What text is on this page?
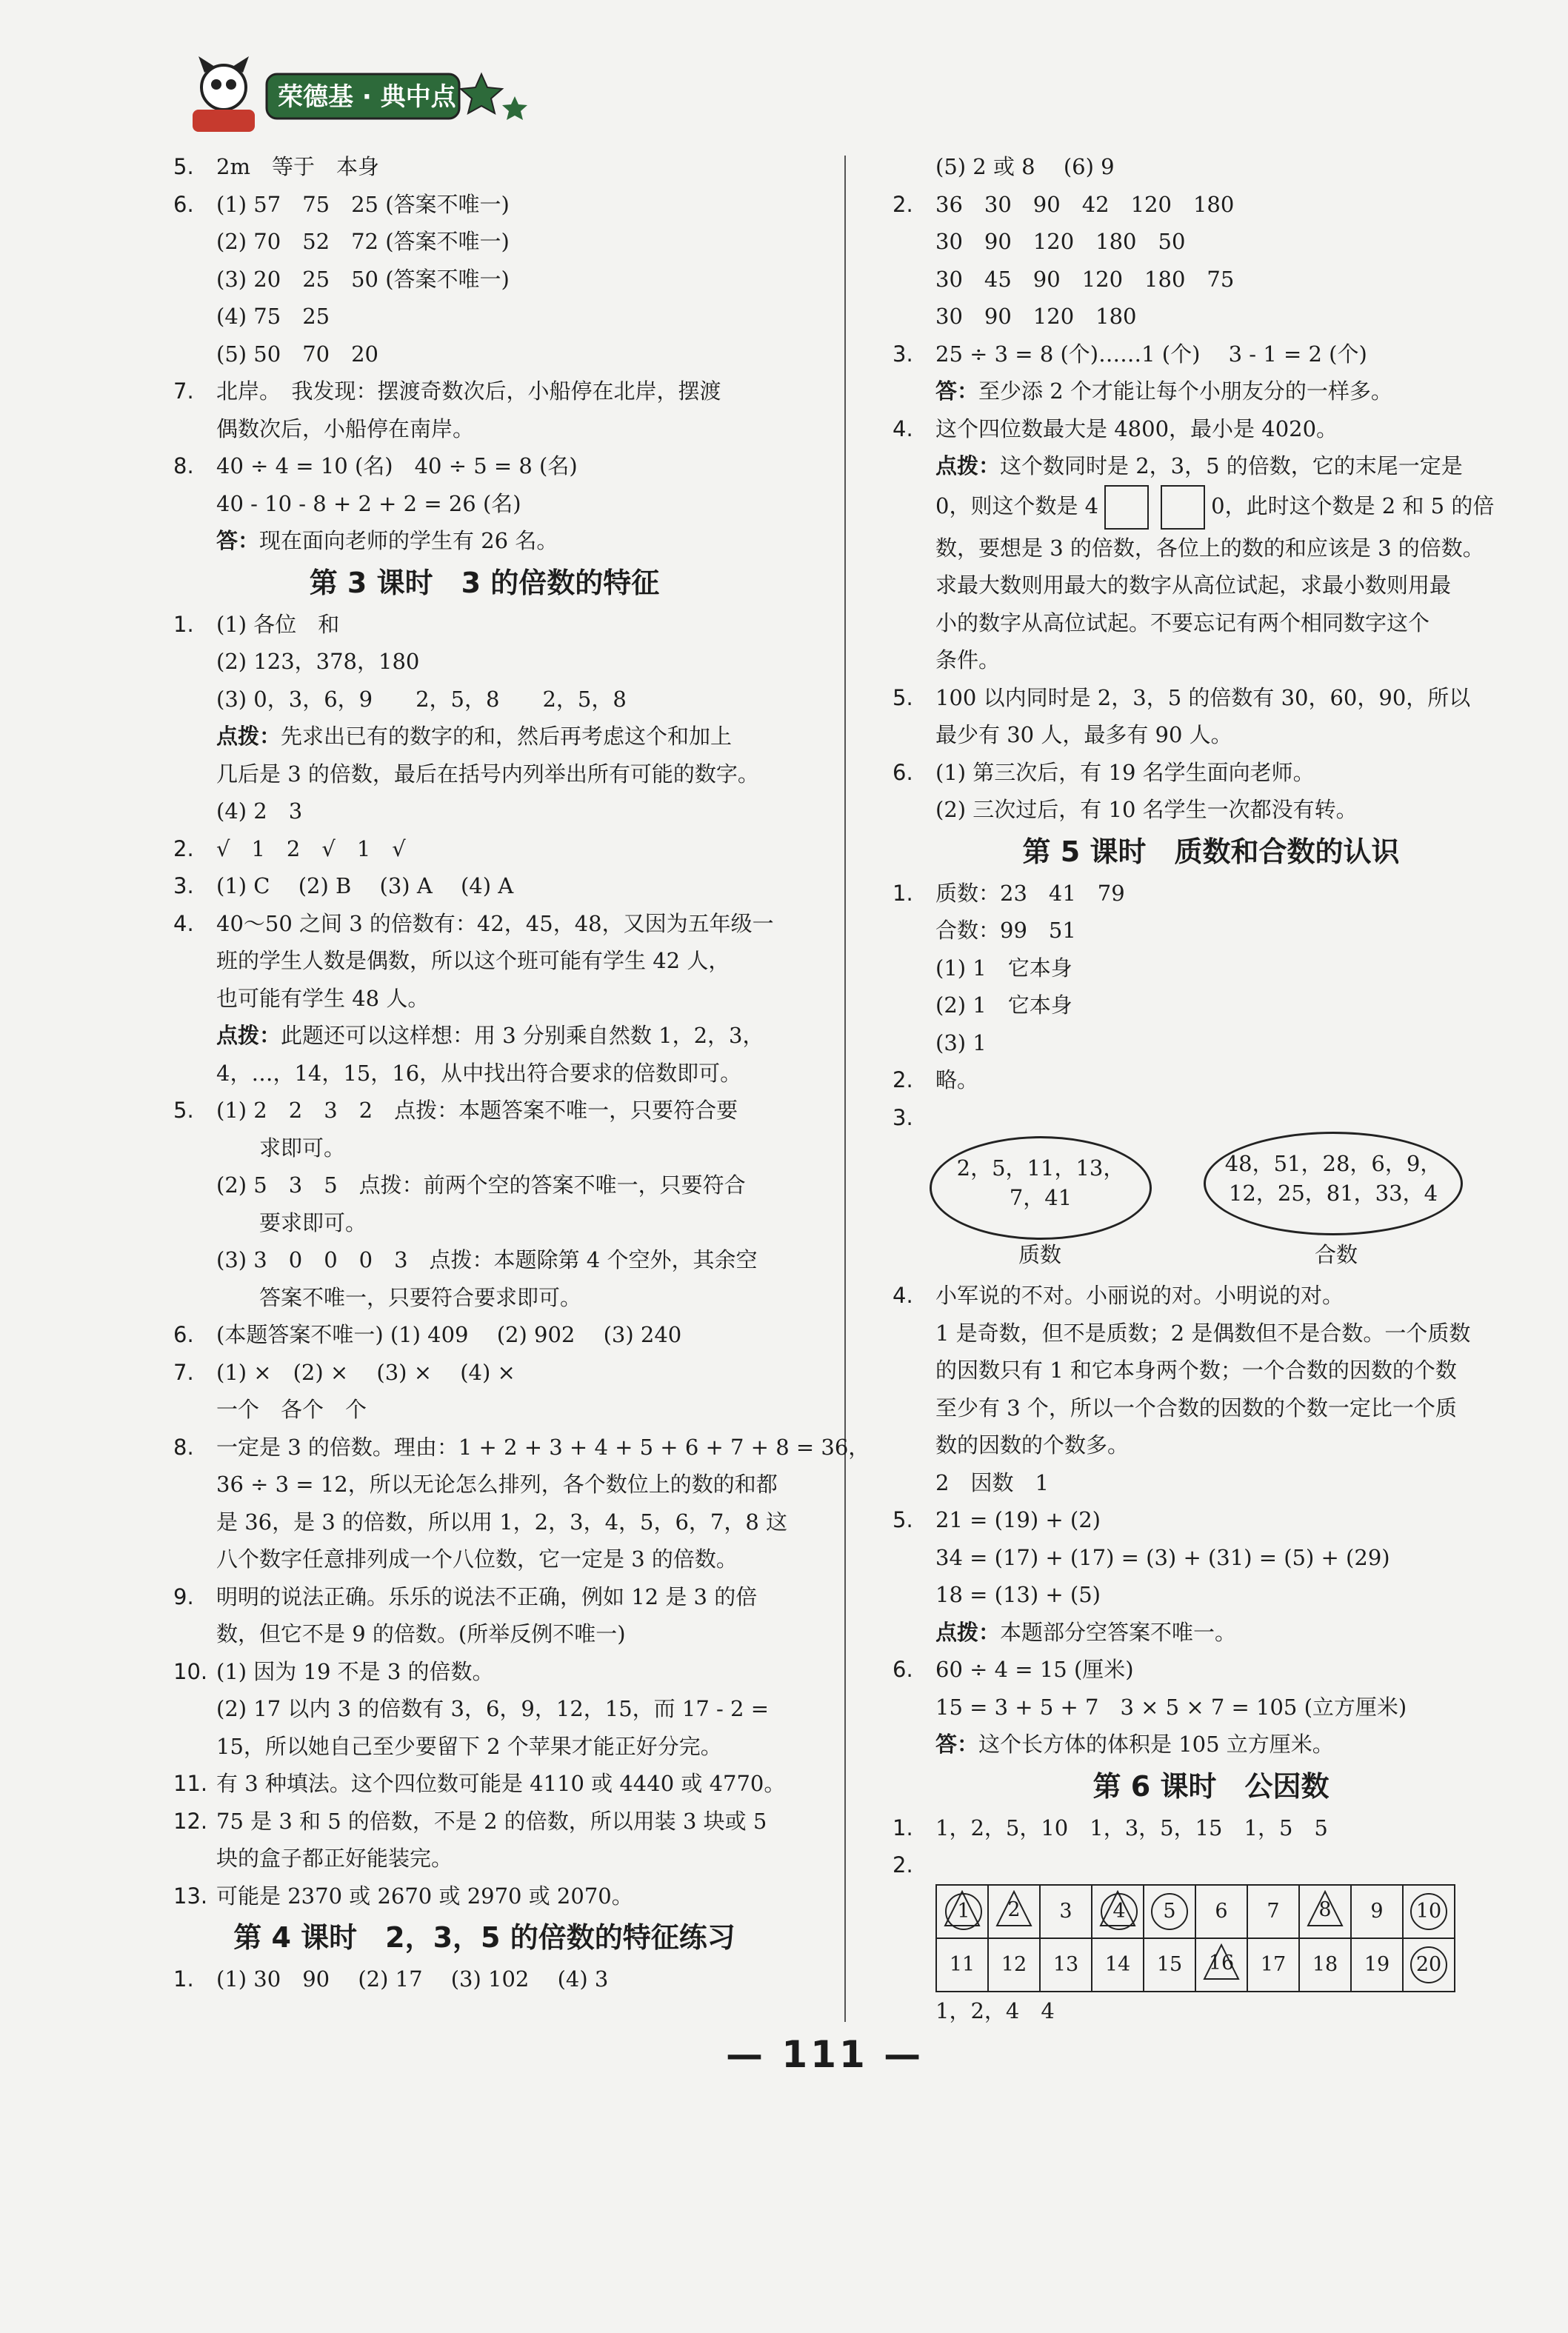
荣德基 · 典中点
5. 2m　等于　本身
6. (1) 57　75　25 (答案不唯一)
(2) 70　52　72 (答案不唯一)
(3) 20　25　50 (答案不唯一)
(4) 75　25
(5) 50　70　20
7. 北岸。　我发现：摆渡奇数次后，小船停在北岸，摆渡
偶数次后，小船停在南岸。
8. 40 ÷ 4 = 10 (名)　40 ÷ 5 = 8 (名)
40 - 10 - 8 + 2 + 2 = 26 (名)
答：现在面向老师的学生有 26 名。
第 3 课时　3 的倍数的特征
1. (1) 各位　和
(2) 123，378，180
(3) 0，3，6，9　　2，5，8　　2，5，8
点拨：先求出已有的数字的和，然后再考虑这个和加上
几后是 3 的倍数，最后在括号内列举出所有可能的数字。
(4) 2　3
2. √　1　2　√　1　√
3. (1) C　 (2) B　 (3) A　 (4) A
4. 40～50 之间 3 的倍数有：42，45，48，又因为五年级一
班的学生人数是偶数，所以这个班可能有学生 42 人，
也可能有学生 48 人。
点拨：此题还可以这样想：用 3 分别乘自然数 1，2，3，
4，…，14，15，16，从中找出符合要求的倍数即可。
5. (1) 2　2　3　2　点拨：本题答案不唯一，只要符合要
　　求即可。
(2) 5　3　5　点拨：前两个空的答案不唯一，只要符合
　　要求即可。
(3) 3　0　0　0　3　点拨：本题除第 4 个空外，其余空
　　答案不唯一，只要符合要求即可。
6. (本题答案不唯一) (1) 409　 (2) 902　 (3) 240
7. (1) ×　(2) ×　 (3) ×　 (4) ×
一个　各个　个
8. 一定是 3 的倍数。理由：1 + 2 + 3 + 4 + 5 + 6 + 7 + 8 = 36，
36 ÷ 3 = 12，所以无论怎么排列，各个数位上的数的和都
是 36，是 3 的倍数，所以用 1，2，3，4，5，6，7，8 这
八个数字任意排列成一个八位数，它一定是 3 的倍数。
9. 明明的说法正确。乐乐的说法不正确，例如 12 是 3 的倍
数，但它不是 9 的倍数。(所举反例不唯一)
10. (1) 因为 19 不是 3 的倍数。
(2) 17 以内 3 的倍数有 3，6，9，12，15，而 17 - 2 =
15，所以她自己至少要留下 2 个苹果才能正好分完。
11. 有 3 种填法。这个四位数可能是 4110 或 4440 或 4770。
12. 75 是 3 和 5 的倍数，不是 2 的倍数，所以用装 3 块或 5
块的盒子都正好能装完。
13. 可能是 2370 或 2670 或 2970 或 2070。
第 4 课时　2，3，5 的倍数的特征练习
1. (1) 30　90　 (2) 17　 (3) 102　 (4) 3
(5) 2 或 8　 (6) 9
2. 36　30　90　42　120　180
30　90　120　180　50
30　45　90　120　180　75
30　90　120　180
3. 25 ÷ 3 = 8 (个)……1 (个)　 3 - 1 = 2 (个)
答：至少添 2 个才能让每个小朋友分的一样多。
4. 这个四位数最大是 4800，最小是 4020。
点拨：这个数同时是 2，3，5 的倍数，它的末尾一定是
0，则这个数是 4	0，此时这个数是 2 和 5 的倍
数，要想是 3 的倍数，各位上的数的和应该是 3 的倍数。
求最大数则用最大的数字从高位试起，求最小数则用最
小的数字从高位试起。不要忘记有两个相同数字这个
条件。
5. 100 以内同时是 2，3，5 的倍数有 30，60，90，所以
最少有 30 人，最多有 90 人。
6. (1) 第三次后，有 19 名学生面向老师。
(2) 三次过后，有 10 名学生一次都没有转。
第 5 课时　质数和合数的认识
1. 质数：23　41　79
合数：99　51
(1) 1　它本身
(2) 1　它本身
(3) 1
2. 略。
3.
2，5，11，13，
7，41
48，51，28，6，9，
12，25，81，33，4
质数	合数
4. 小军说的不对。小丽说的对。小明说的对。
1 是奇数，但不是质数；2 是偶数但不是合数。一个质数
的因数只有 1 和它本身两个数；一个合数的因数的个数
至少有 3 个，所以一个合数的因数的个数一定比一个质
数的因数的个数多。
2　因数　1
5. 21 = (19) + (2)
34 = (17) + (17) = (3) + (31) = (5) + (29)
18 = (13) + (5)
点拨：本题部分空答案不唯一。
6. 60 ÷ 4 = 15 (厘米)
15 = 3 + 5 + 7　3 × 5 × 7 = 105 (立方厘米)
答：这个长方体的体积是 105 立方厘米。
第 6 课时　公因数
1. 1，2，5，10　1，3，5，15　1，5　5
2.
1	2	3	4	5	6	7	8	9	10
11	12	13	14	15	16	17	18	19	20
1，2，4　4
— 111 —
